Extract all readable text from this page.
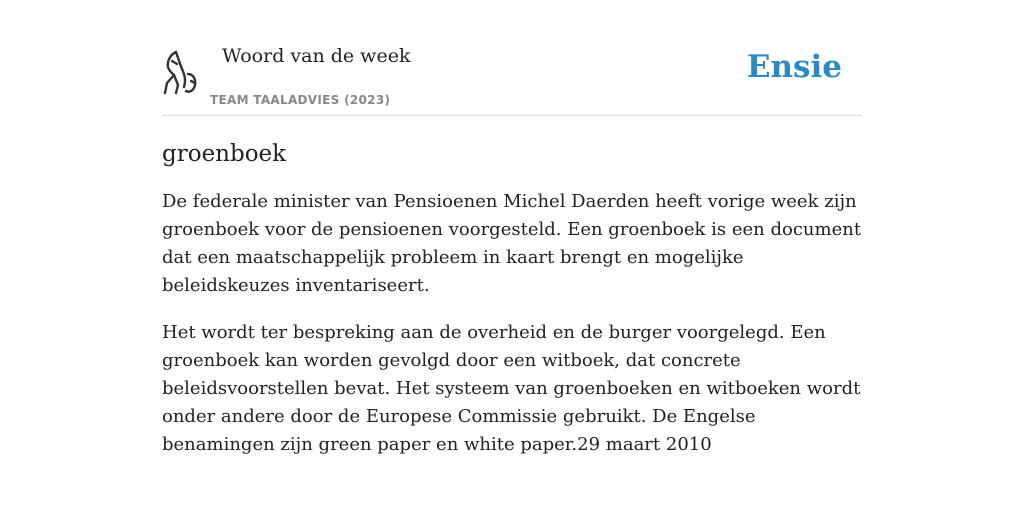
Woord van de week
TEAM TAALADVIES (2023)
Ensie
groenboek

De federale minister van Pensioenen Michel Daerden heeft vorige week zijn groenboek voor de pensioenen voorgesteld. Een groenboek is een document dat een maatschappelijk probleem in kaart brengt en mogelijke beleidskeuzes inventariseert.

Het wordt ter bespreking aan de overheid en de burger voorgelegd. Een groenboek kan worden gevolgd door een witboek, dat concrete beleidsvoorstellen bevat. Het systeem van groenboeken en witboeken wordt onder andere door de Europese Commissie gebruikt. De Engelse benamingen zijn green paper en white paper.29 maart 2010
